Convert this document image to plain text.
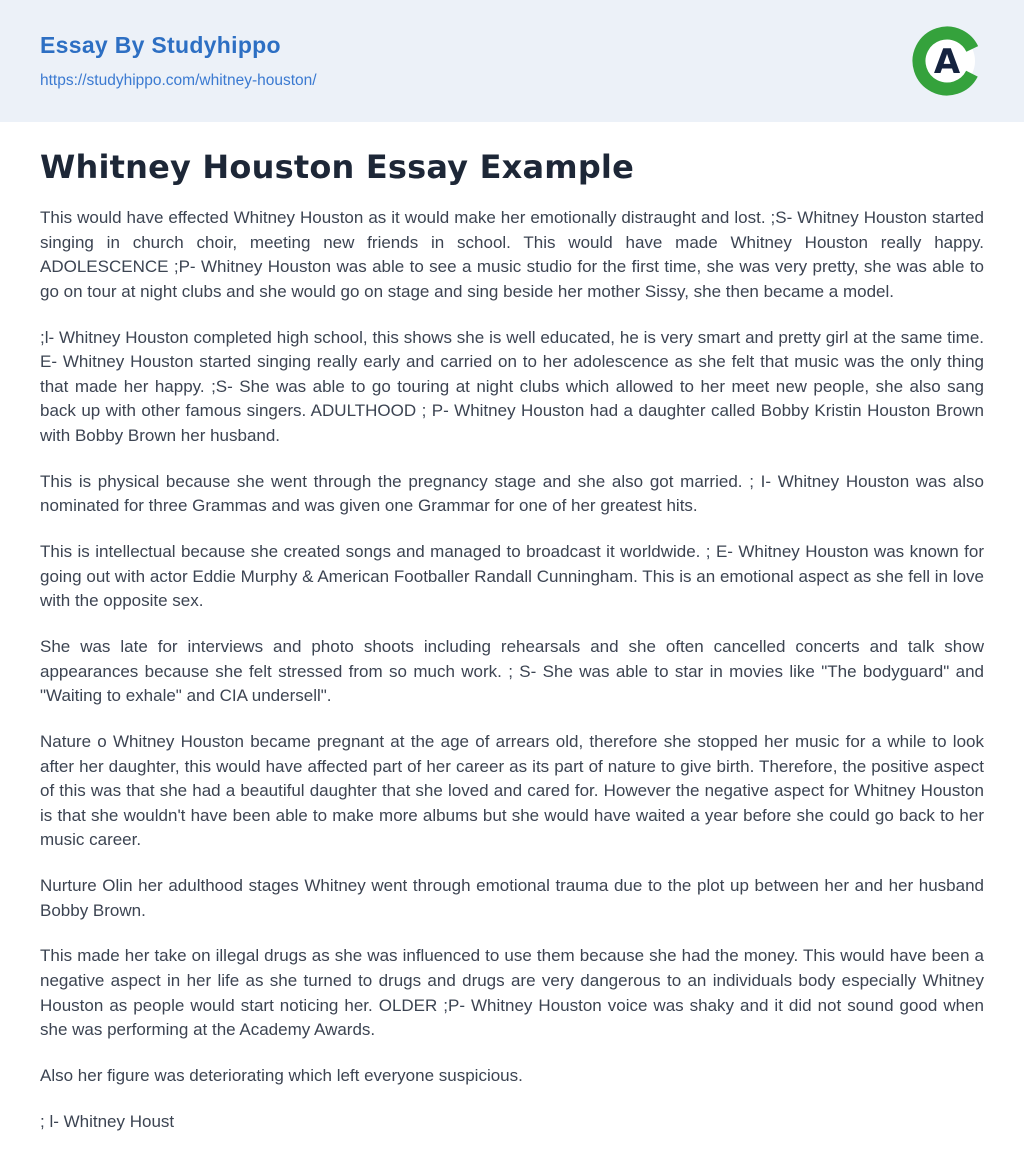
Essay By Studyhippo
https://studyhippo.com/whitney-houston/	A
Whitney Houston Essay Example

This would have effected Whitney Houston as it would make her emotionally distraught and lost. ;S- Whitney Houston started singing in church choir, meeting new friends in school. This would have made Whitney Houston really happy. ADOLESCENCE ;P- Whitney Houston was able to see a music studio for the first time, she was very pretty, she was able to go on tour at night clubs and she would go on stage and sing beside her mother Sissy, she then became a model.

;l- Whitney Houston completed high school, this shows she is well educated, he is very smart and pretty girl at the same time. E- Whitney Houston started singing really early and carried on to her adolescence as she felt that music was the only thing that made her happy. ;S- She was able to go touring at night clubs which allowed to her meet new people, she also sang back up with other famous singers. ADULTHOOD ; P- Whitney Houston had a daughter called Bobby Kristin Houston Brown with Bobby Brown her husband.

This is physical because she went through the pregnancy stage and she also got married. ; I- Whitney Houston was also nominated for three Grammas and was given one Grammar for one of her greatest hits.

This is intellectual because she created songs and managed to broadcast it worldwide. ; E- Whitney Houston was known for going out with actor Eddie Murphy & American Footballer Randall Cunningham. This is an emotional aspect as she fell in love with the opposite sex.

She was late for interviews and photo shoots including rehearsals and she often cancelled concerts and talk show appearances because she felt stressed from so much work. ; S- She was able to star in movies like "The bodyguard" and "Waiting to exhale" and CIA undersell".

Nature o Whitney Houston became pregnant at the age of arrears old, therefore she stopped her music for a while to look after her daughter, this would have affected part of her career as its part of nature to give birth. Therefore, the positive aspect of this was that she had a beautiful daughter that she loved and cared for. However the negative aspect for Whitney Houston is that she wouldn't have been able to make more albums but she would have waited a year before she could go back to her music career.

Nurture Olin her adulthood stages Whitney went through emotional trauma due to the plot up between her and her husband Bobby Brown.

This made her take on illegal drugs as she was influenced to use them because she had the money. This would have been a negative aspect in her life as she turned to drugs and drugs are very dangerous to an individuals body especially Whitney Houston as people would start noticing her. OLDER ;P- Whitney Houston voice was shaky and it did not sound good when she was performing at the Academy Awards.

Also her figure was deteriorating which left everyone suspicious.

; l- Whitney Houst
